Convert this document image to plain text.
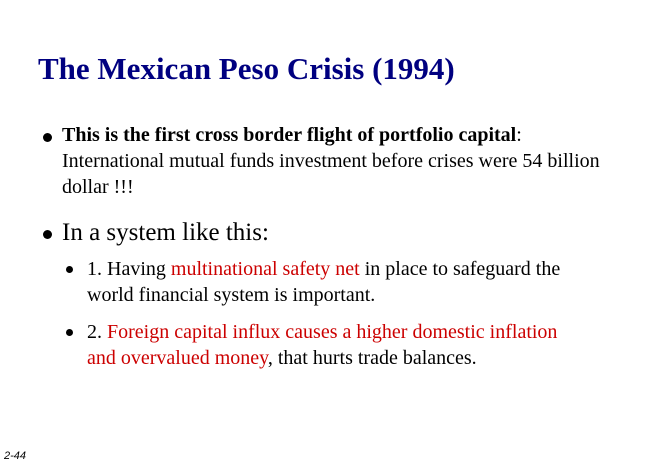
The Mexican Peso Crisis (1994)
This is the first cross border flight of portfolio capital: International mutual funds investment before crises were 54 billion dollar !!!
In a system like this:
1. Having multinational safety net in place to safeguard the world financial system is important.
2. Foreign capital influx causes a higher domestic inflation and overvalued money, that hurts trade balances.
2-44
